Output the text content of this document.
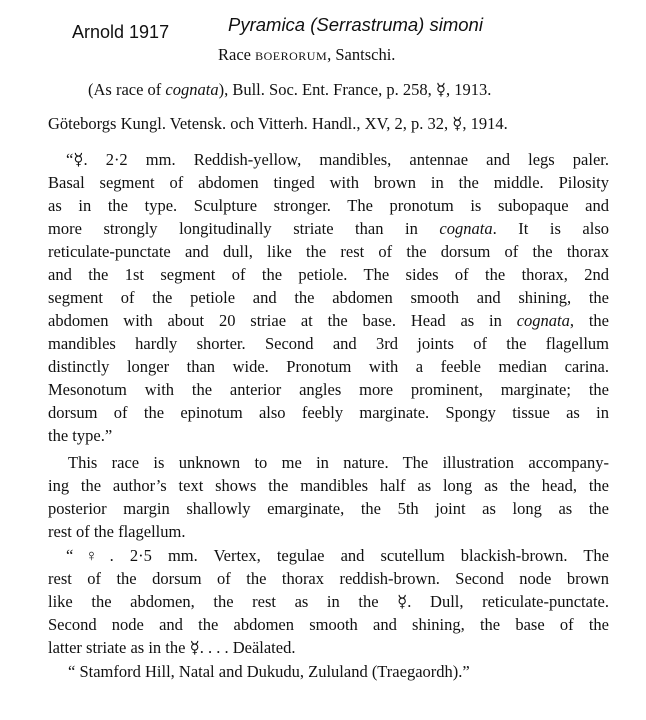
Arnold 1917	Pyramica (Serrastruma) simoni
Race boerorum, Santschi.
(As race of cognata), Bull. Soc. Ent. France, p. 258, ☿, 1913.
Göteborgs Kungl. Vetensk. och Vitterh. Handl., XV, 2, p. 32, ☿, 1914.
“☿. 2·2 mm. Reddish-yellow, mandibles, antennae and legs paler.
Basal segment of abdomen tinged with brown in the middle. Pilosity
as in the type. Sculpture stronger. The pronotum is subopaque and
more strongly longitudinally striate than in cognata. It is also
reticulate-punctate and dull, like the rest of the dorsum of the thorax
and the 1st segment of the petiole. The sides of the thorax, 2nd
segment of the petiole and the abdomen smooth and shining, the
abdomen with about 20 striae at the base. Head as in cognata, the
mandibles hardly shorter. Second and 3rd joints of the flagellum
distinctly longer than wide. Pronotum with a feeble median carina.
Mesonotum with the anterior angles more prominent, marginate; the
dorsum of the epinotum also feebly marginate. Spongy tissue as in
the type.”
This race is unknown to me in nature. The illustration accompany-
ing the author’s text shows the mandibles half as long as the head, the
posterior margin shallowly emarginate, the 5th joint as long as the
rest of the flagellum.
“♀. 2·5 mm. Vertex, tegulae and scutellum blackish-brown. The
rest of the dorsum of the thorax reddish-brown. Second node brown
like the abdomen, the rest as in the ☿. Dull, reticulate-punctate.
Second node and the abdomen smooth and shining, the base of the
latter striate as in the ☿. . . . Deälated.
“ Stamford Hill, Natal and Dukudu, Zululand (Traegaordh).”
